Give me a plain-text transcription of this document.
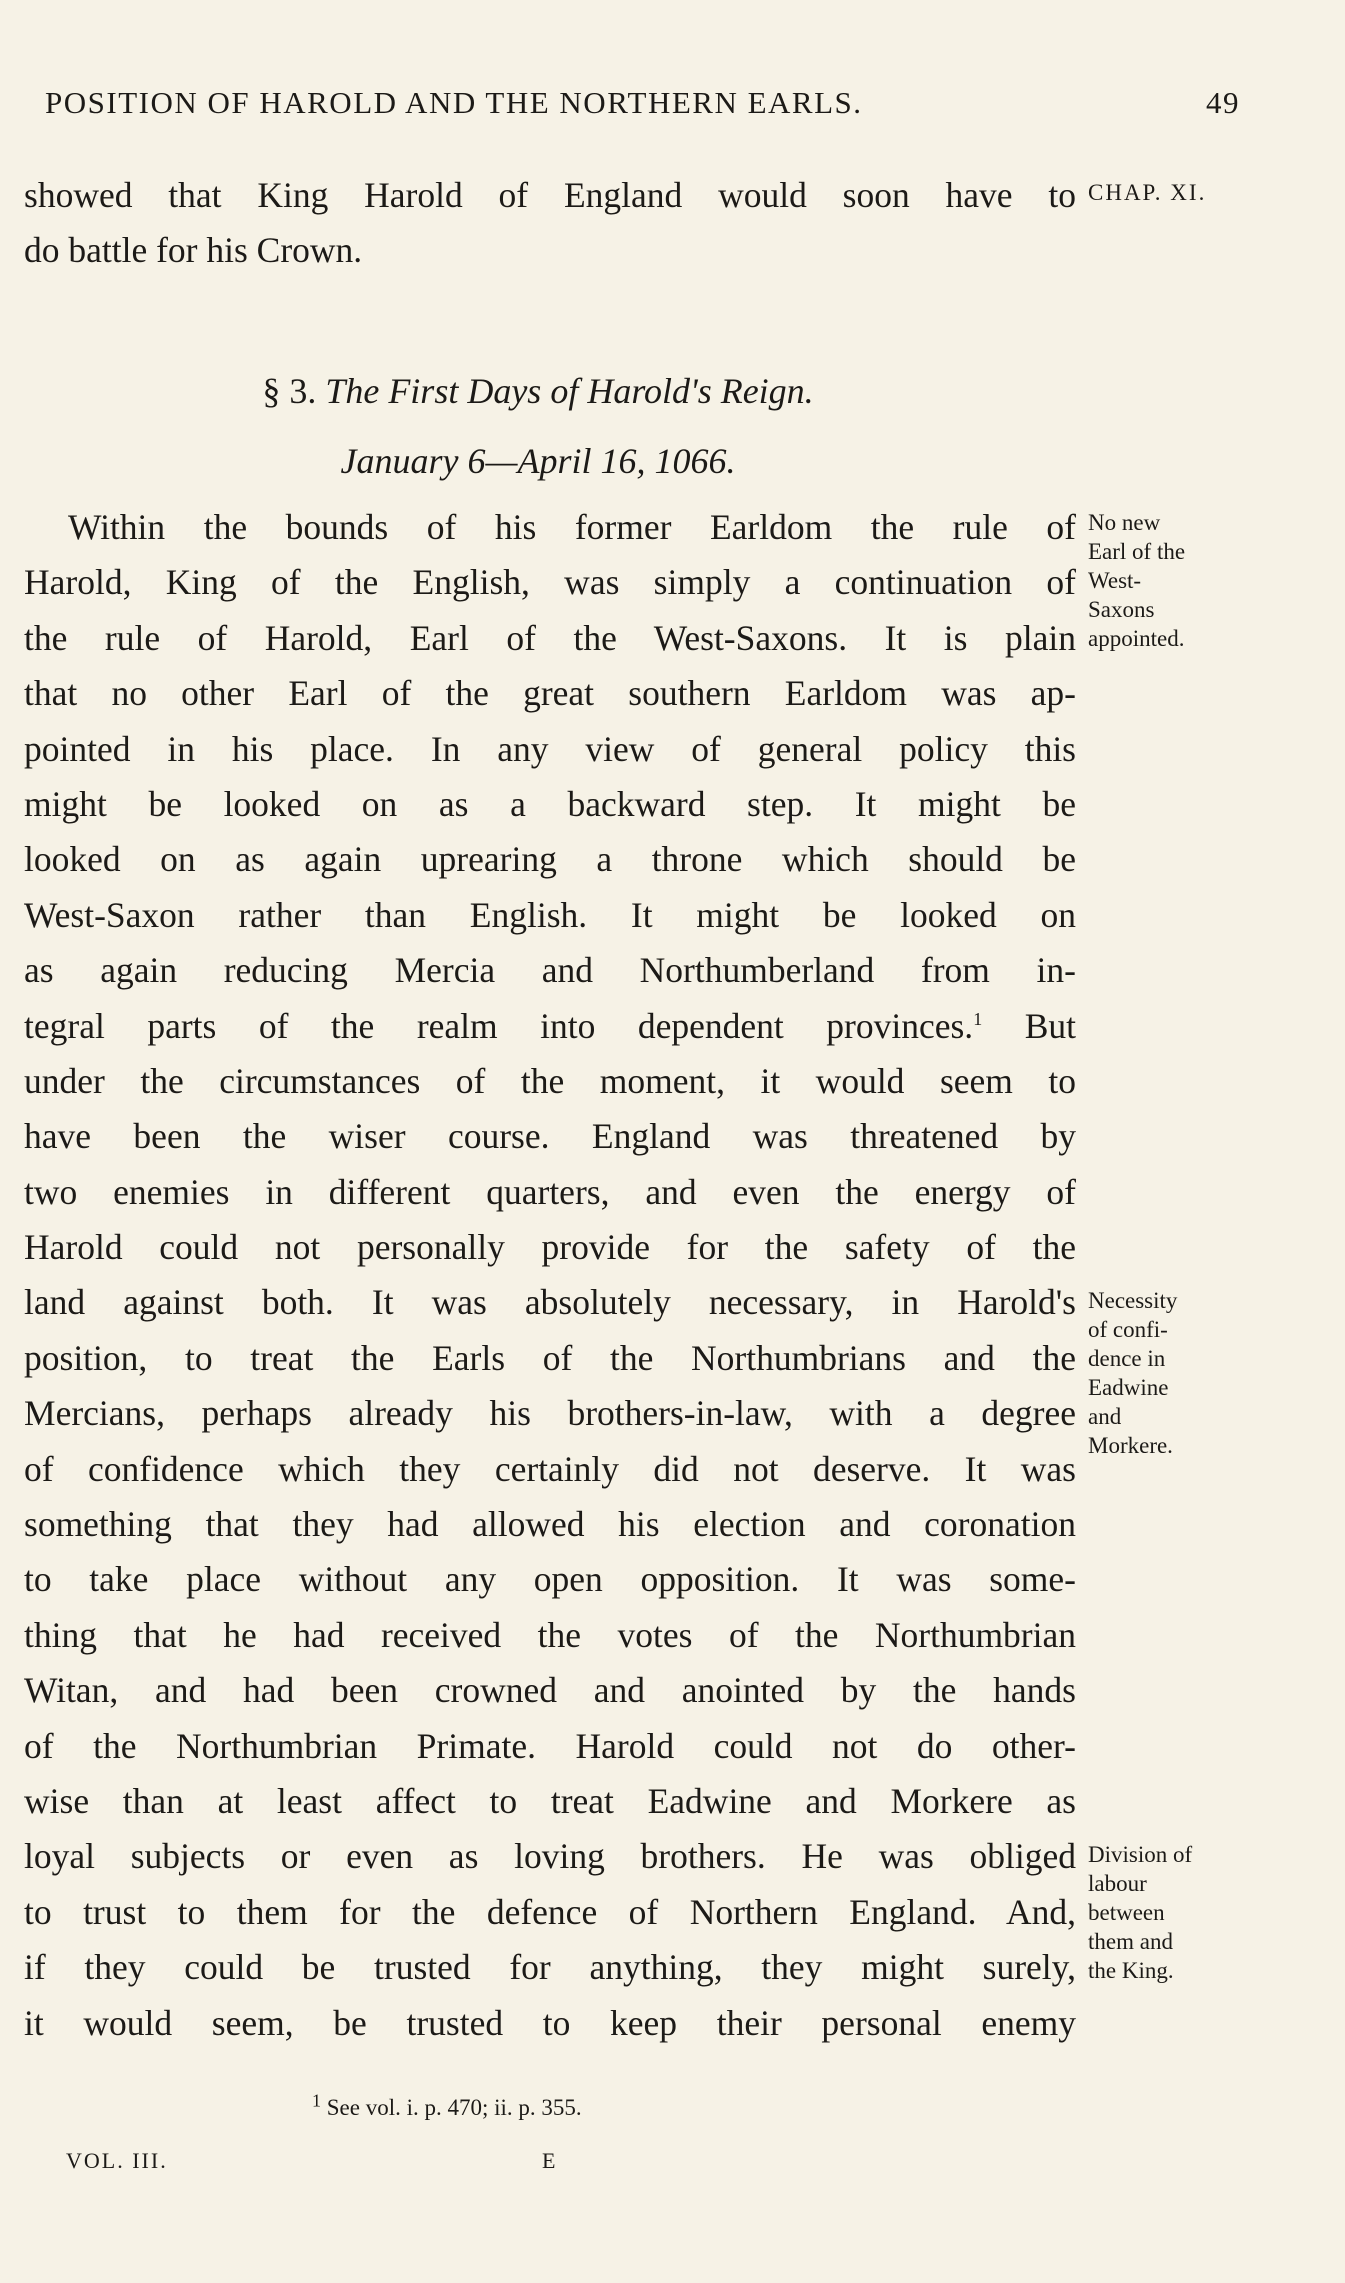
POSITION OF HAROLD AND THE NORTHERN EARLS.	49
CHAP. XI.
showed that King Harold of England would soon have to
do battle for his Crown.
§ 3. The First Days of Harold's Reign.
January 6—April 16, 1066.
Within the bounds of his former Earldom the rule of
Harold, King of the English, was simply a continuation of
the rule of Harold, Earl of the West-Saxons. It is plain
that no other Earl of the great southern Earldom was ap-
pointed in his place. In any view of general policy this
might be looked on as a backward step. It might be
looked on as again uprearing a throne which should be
West-Saxon rather than English. It might be looked on
as again reducing Mercia and Northumberland from in-
tegral parts of the realm into dependent provinces.$^1$ But
under the circumstances of the moment, it would seem to
have been the wiser course. England was threatened by
two enemies in different quarters, and even the energy of
Harold could not personally provide for the safety of the
land against both. It was absolutely necessary, in Harold's
position, to treat the Earls of the Northumbrians and the
Mercians, perhaps already his brothers-in-law, with a degree
of confidence which they certainly did not deserve. It was
something that they had allowed his election and coronation
to take place without any open opposition. It was some-
thing that he had received the votes of the Northumbrian
Witan, and had been crowned and anointed by the hands
of the Northumbrian Primate. Harold could not do other-
wise than at least affect to treat Eadwine and Morkere as
loyal subjects or even as loving brothers. He was obliged
to trust to them for the defence of Northern England. And,
if they could be trusted for anything, they might surely,
it would seem, be trusted to keep their personal enemy
No new
Earl of the
West-
Saxons
appointed.
Necessity
of confi-
dence in
Eadwine
and
Morkere.
Division of
labour
between
them and
the King.
$^1$ See vol. i. p. 470; ii. p. 355.
VOL. III.	E
